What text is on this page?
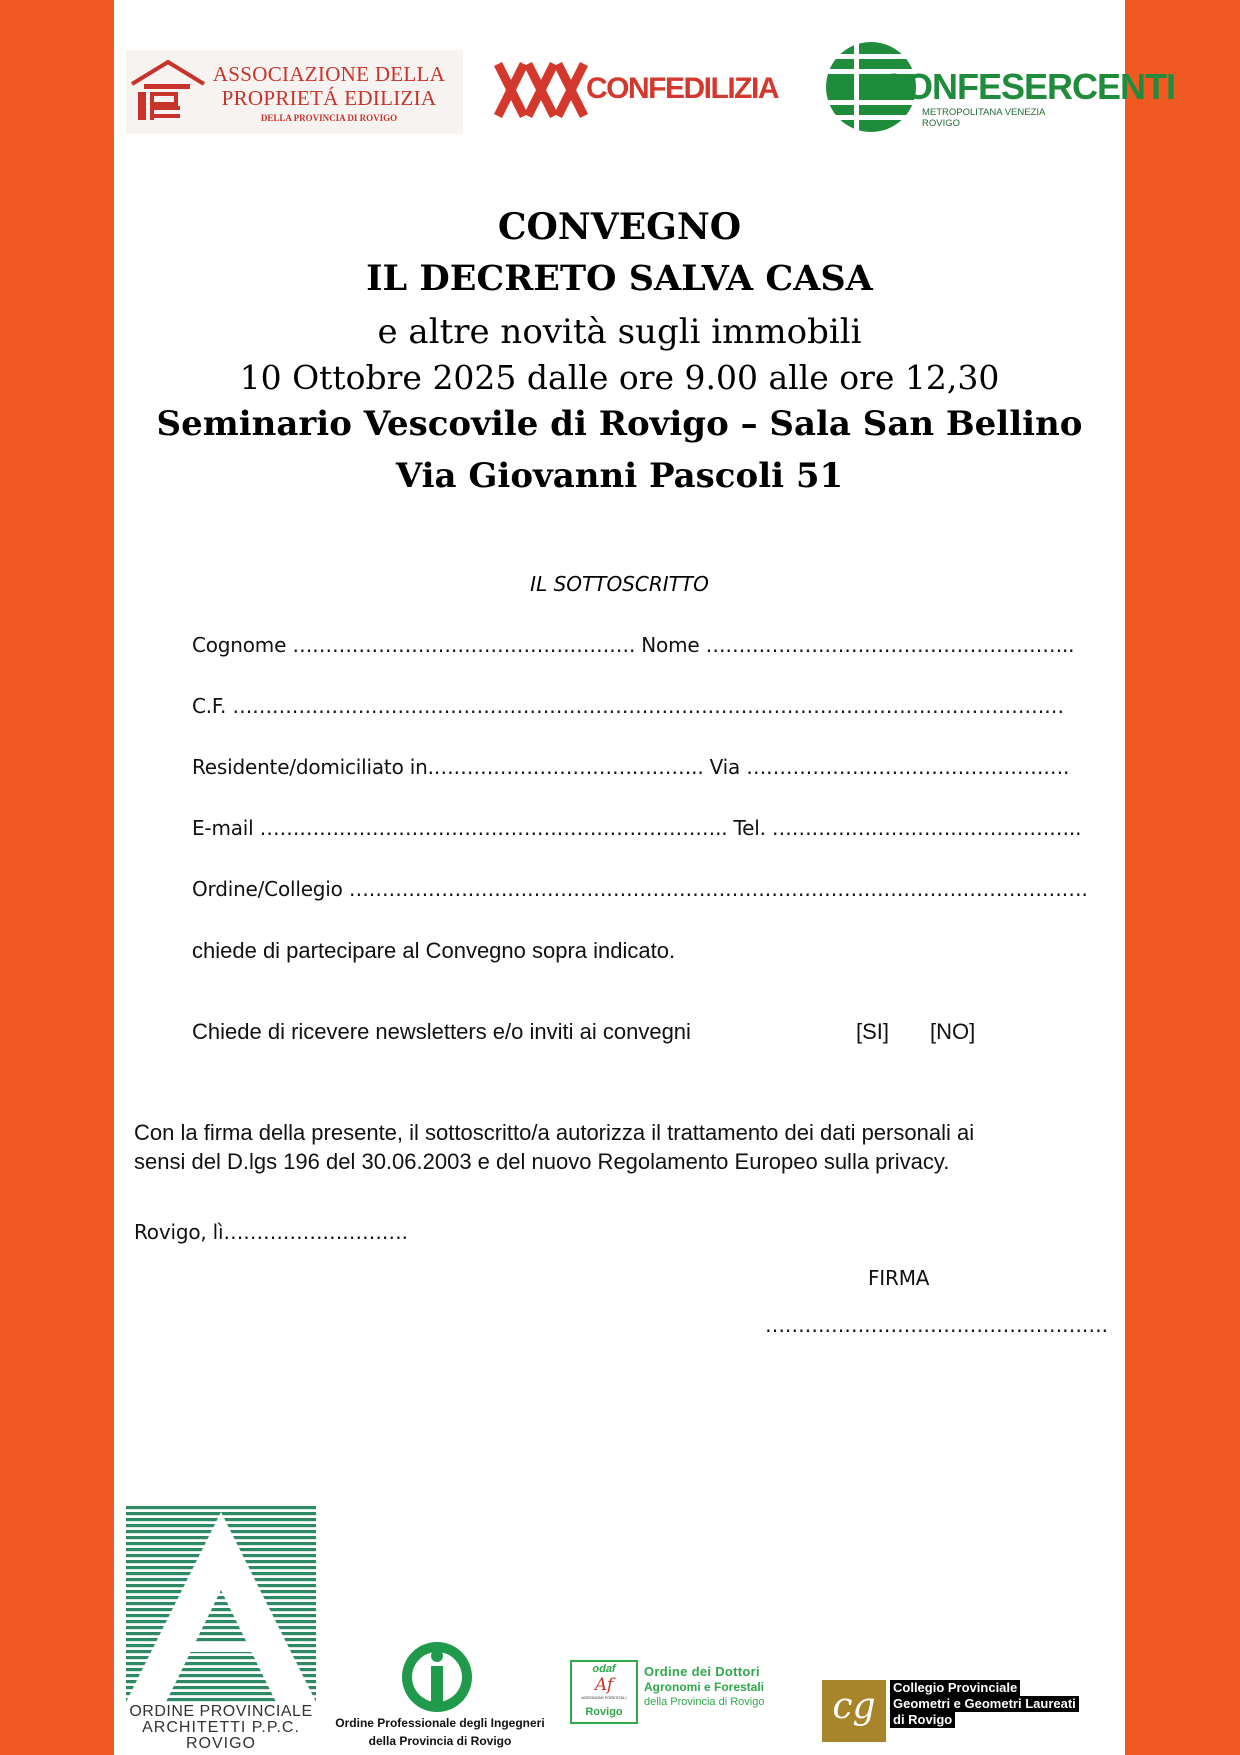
ASSOCIAZIONE DELLA
PROPRIETÁ EDILIZIA
DELLA PROVINCIA DI ROVIGO
CONFEDILIZIA	CONFESERCENTI
METROPOLITANA VENEZIA ROVIGO
CONVEGNO
IL DECRETO SALVA CASA
e altre novità sugli immobili
10 Ottobre 2025 dalle ore 9.00 alle ore 12,30
Seminario Vescovile di Rovigo – Sala San Bellino
Via Giovanni Pascoli 51
IL SOTTOSCRITTO
Cognome ……………………………………………. Nome ………………………………………………..
C.F. ………………………………………………………………………………………………………………
Residente/domiciliato in.………………………………….. Via ………………………………………….
E-mail …………………………………………………………….. Tel. ………………………………………..
Ordine/Collegio ………………………………………………………………………………………………….
chiede di partecipare al Convegno sopra indicato.
Chiede di ricevere newsletters e/o inviti ai convegni	[SI] [NO]
Con la firma della presente, il sottoscritto/a autorizza il trattamento dei dati personali ai
sensi del D.lgs 196 del 30.06.2003 e del nuovo Regolamento Europeo sulla privacy.
Rovigo, lì……………………….
FIRMA
…………………………………………….
ORDINE PROVINCIALE
ARCHITETTI P.P.C.
ROVIGO
Ordine Professionale degli Ingegneri
della Provincia di Rovigo
odaf
Af
AGRONOMI FORESTALI
Rovigo
Ordine dei Dottori
Agronomi e Forestali
della Provincia di Rovigo cg	Collegio Provinciale
Geometri e Geometri Laureati
di Rovigo
